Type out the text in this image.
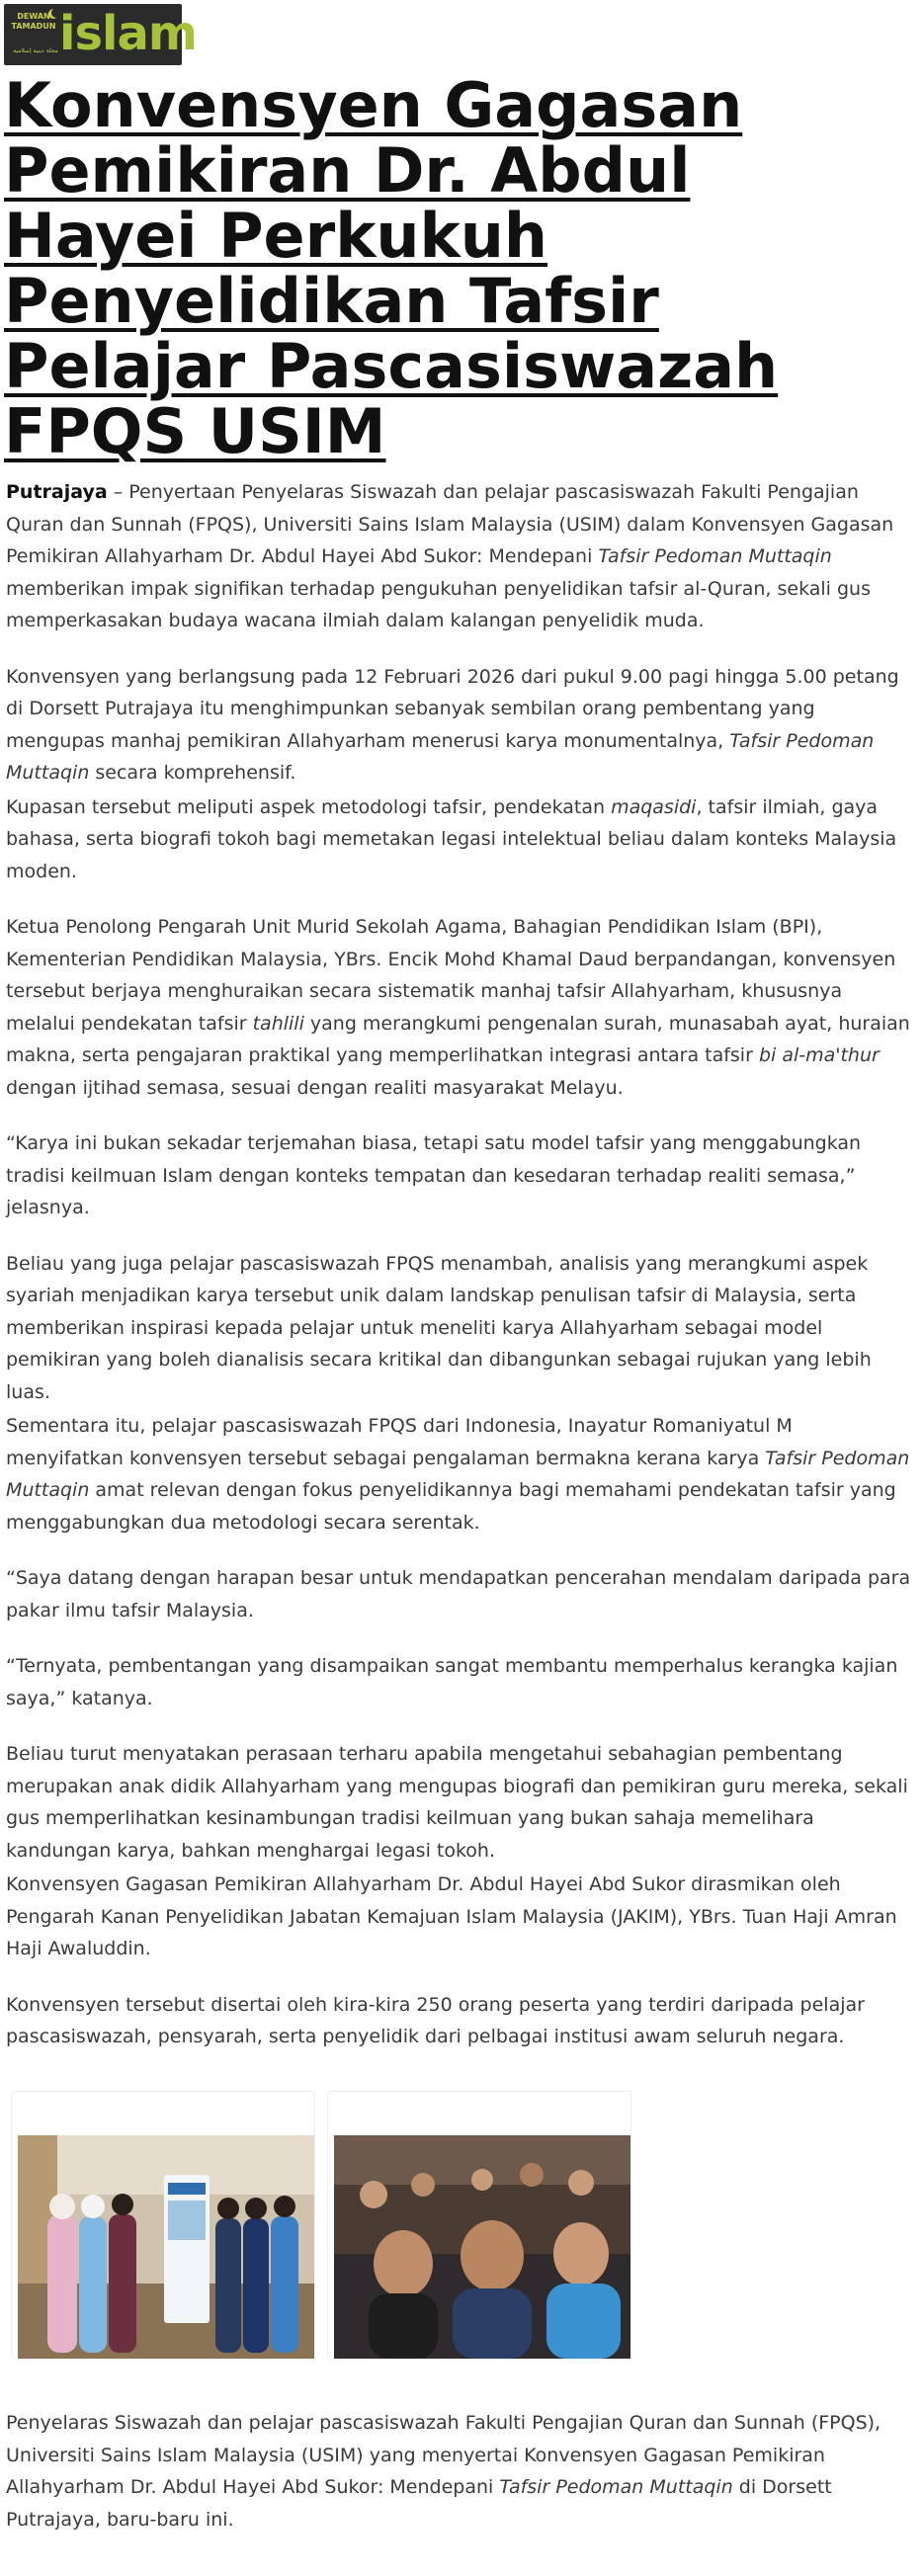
DEWAN
TAMADUN islam
مجلة دينية إسلامية
Konvensyen Gagasan Pemikiran Dr. Abdul Hayei Perkukuh Penyelidikan Tafsir Pelajar Pascasiswazah FPQS USIM

Putrajaya – Penyertaan Penyelaras Siswazah dan pelajar pascasiswazah Fakulti Pengajian Quran dan Sunnah (FPQS), Universiti Sains Islam Malaysia (USIM) dalam Konvensyen Gagasan Pemikiran Allahyarham Dr. Abdul Hayei Abd Sukor: Mendepani Tafsir Pedoman Muttaqin memberikan impak signifikan terhadap pengukuhan penyelidikan tafsir al-Quran, sekali gus memperkasakan budaya wacana ilmiah dalam kalangan penyelidik muda.

Konvensyen yang berlangsung pada 12 Februari 2026 dari pukul 9.00 pagi hingga 5.00 petang di Dorsett Putrajaya itu menghimpunkan sebanyak sembilan orang pembentang yang mengupas manhaj pemikiran Allahyarham menerusi karya monumentalnya, Tafsir Pedoman Muttaqin secara komprehensif.

Kupasan tersebut meliputi aspek metodologi tafsir, pendekatan maqasidi, tafsir ilmiah, gaya bahasa, serta biografi tokoh bagi memetakan legasi intelektual beliau dalam konteks Malaysia moden.

Ketua Penolong Pengarah Unit Murid Sekolah Agama, Bahagian Pendidikan Islam (BPI), Kementerian Pendidikan Malaysia, YBrs. Encik Mohd Khamal Daud berpandangan, konvensyen tersebut berjaya menghuraikan secara sistematik manhaj tafsir Allahyarham, khususnya melalui pendekatan tafsir tahlili yang merangkumi pengenalan surah, munasabah ayat, huraian makna, serta pengajaran praktikal yang memperlihatkan integrasi antara tafsir bi al-ma'thur dengan ijtihad semasa, sesuai dengan realiti masyarakat Melayu.

“Karya ini bukan sekadar terjemahan biasa, tetapi satu model tafsir yang menggabungkan tradisi keilmuan Islam dengan konteks tempatan dan kesedaran terhadap realiti semasa,” jelasnya.

Beliau yang juga pelajar pascasiswazah FPQS menambah, analisis yang merangkumi aspek syariah menjadikan karya tersebut unik dalam landskap penulisan tafsir di Malaysia, serta memberikan inspirasi kepada pelajar untuk meneliti karya Allahyarham sebagai model pemikiran yang boleh dianalisis secara kritikal dan dibangunkan sebagai rujukan yang lebih luas.

Sementara itu, pelajar pascasiswazah FPQS dari Indonesia, Inayatur Romaniyatul M menyifatkan konvensyen tersebut sebagai pengalaman bermakna kerana karya Tafsir Pedoman Muttaqin amat relevan dengan fokus penyelidikannya bagi memahami pendekatan tafsir yang menggabungkan dua metodologi secara serentak.

“Saya datang dengan harapan besar untuk mendapatkan pencerahan mendalam daripada para pakar ilmu tafsir Malaysia.

“Ternyata, pembentangan yang disampaikan sangat membantu memperhalus kerangka kajian saya,” katanya.

Beliau turut menyatakan perasaan terharu apabila mengetahui sebahagian pembentang merupakan anak didik Allahyarham yang mengupas biografi dan pemikiran guru mereka, sekali gus memperlihatkan kesinambungan tradisi keilmuan yang bukan sahaja memelihara kandungan karya, bahkan menghargai legasi tokoh.

Konvensyen Gagasan Pemikiran Allahyarham Dr. Abdul Hayei Abd Sukor dirasmikan oleh Pengarah Kanan Penyelidikan Jabatan Kemajuan Islam Malaysia (JAKIM), YBrs. Tuan Haji Amran Haji Awaluddin.

Konvensyen tersebut disertai oleh kira-kira 250 orang peserta yang terdiri daripada pelajar pascasiswazah, pensyarah, serta penyelidik dari pelbagai institusi awam seluruh negara.

Penyelaras Siswazah dan pelajar pascasiswazah Fakulti Pengajian Quran dan Sunnah (FPQS), Universiti Sains Islam Malaysia (USIM) yang menyertai Konvensyen Gagasan Pemikiran Allahyarham Dr. Abdul Hayei Abd Sukor: Mendepani Tafsir Pedoman Muttaqin di Dorsett Putrajaya, baru-baru ini.
